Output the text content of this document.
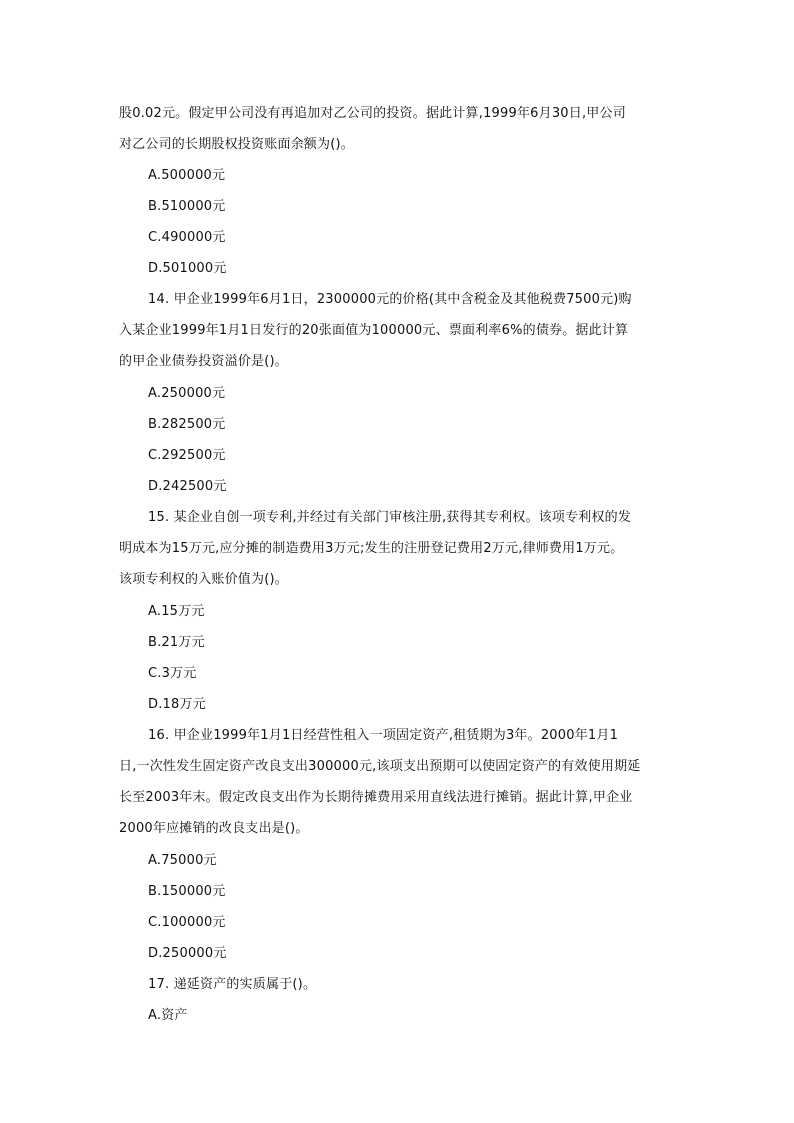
股0.02元。假定甲公司没有再追加对乙公司的投资。据此计算,1999年6月30日,甲公司
对乙公司的长期股权投资账面余额为()。
A.500000元
B.510000元
C.490000元
D.501000元
14. 甲企业1999年6月1日，2300000元的价格(其中含税金及其他税费7500元)购
入某企业1999年1月1日发行的20张面值为100000元、票面利率6%的债券。据此计算
的甲企业债券投资溢价是()。
A.250000元
B.282500元
C.292500元
D.242500元
15. 某企业自创一项专利,并经过有关部门审核注册,获得其专利权。该项专利权的发
明成本为15万元,应分摊的制造费用3万元;发生的注册登记费用2万元,律师费用1万元。
该项专利权的入账价值为()。
A.15万元
B.21万元
C.3万元
D.18万元
16. 甲企业1999年1月1日经营性租入一项固定资产,租赁期为3年。2000年1月1
日,一次性发生固定资产改良支出300000元,该项支出预期可以使固定资产的有效使用期延
长至2003年末。假定改良支出作为长期待摊费用采用直线法进行摊销。据此计算,甲企业
2000年应摊销的改良支出是()。
A.75000元
B.150000元
C.100000元
D.250000元
17. 递延资产的实质属于()。
A.资产
